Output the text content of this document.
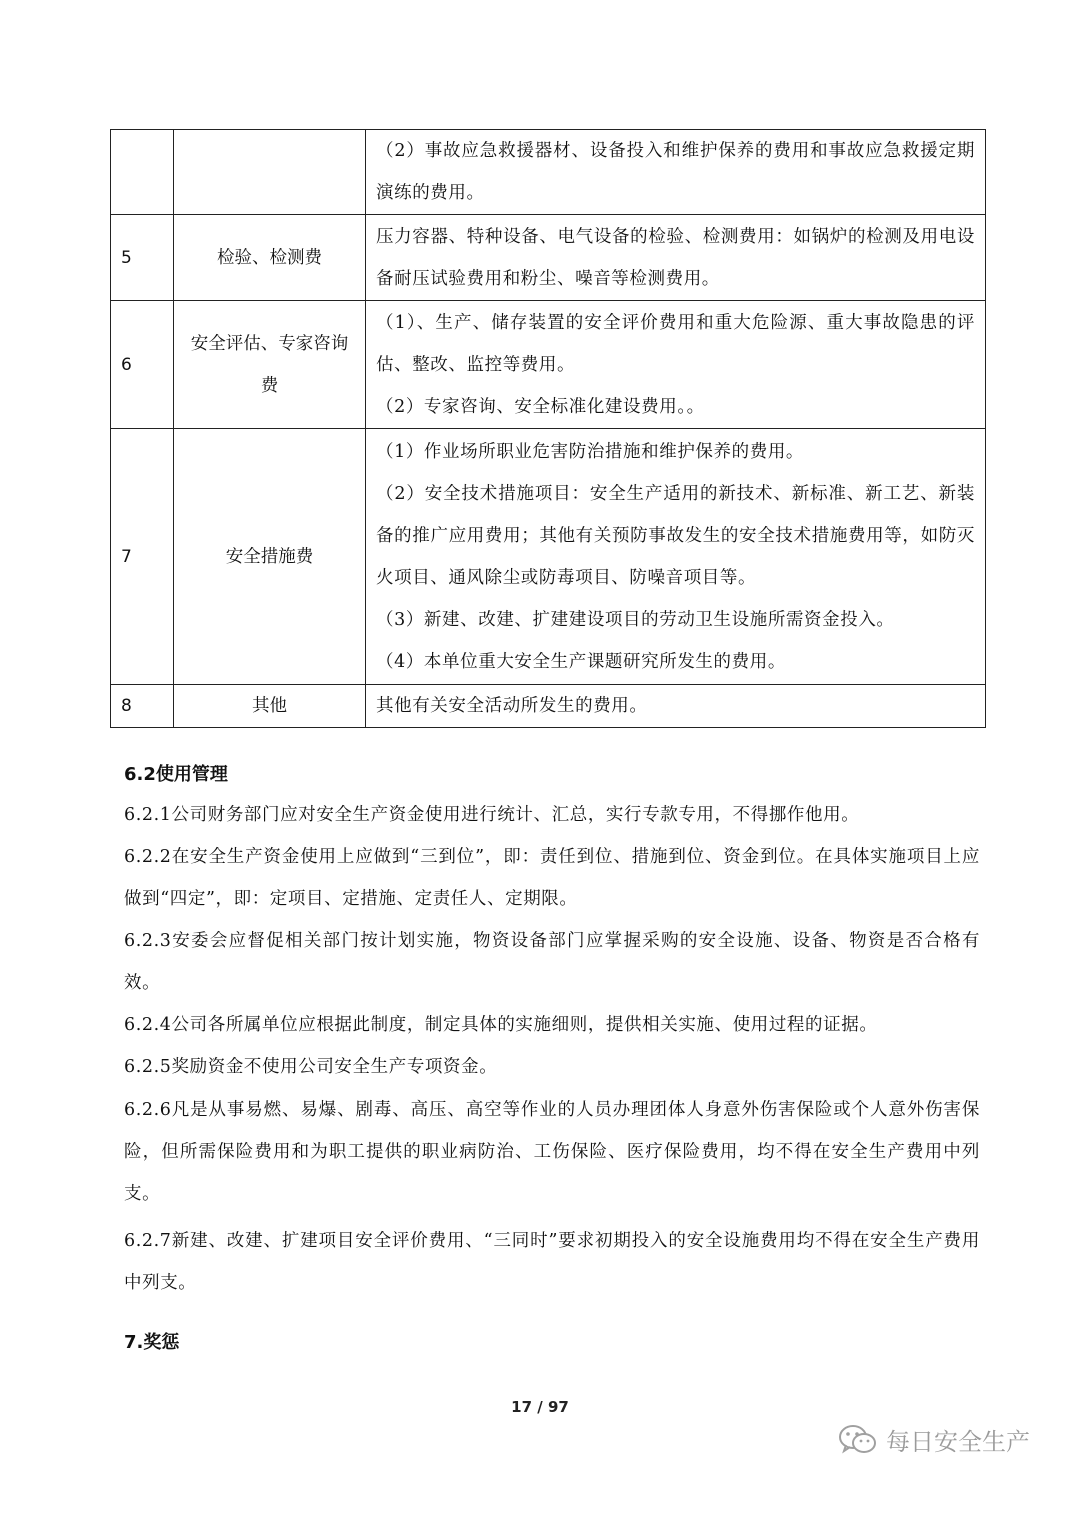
		（2）事故应急救援器材、设备投入和维护保养的费用和事故应急救援定期演练的费用。

5	检验、检测费	压力容器、特种设备、电气设备的检验、检测费用：如锅炉的检测及用电设备耐压试验费用和粉尘、噪音等检测费用。

6	安全评估、专家咨询费	（1）、生产、储存装置的安全评价费用和重大危险源、重大事故隐患的评估、整改、监控等费用。

（2）专家咨询、安全标准化建设费用。。

7	安全措施费	（1）作业场所职业危害防治措施和维护保养的费用。

（2）安全技术措施项目：安全生产适用的新技术、新标准、新工艺、新装备的推广应用费用；其他有关预防事故发生的安全技术措施费用等，如防灭火项目、通风除尘或防毒项目、防噪音项目等。

（3）新建、改建、扩建建设项目的劳动卫生设施所需资金投入。

（4）本单位重大安全生产课题研究所发生的费用。

8	其他	其他有关安全活动所发生的费用。

6.2使用管理

6.2.1公司财务部门应对安全生产资金使用进行统计、汇总，实行专款专用，不得挪作他用。

6.2.2在安全生产资金使用上应做到“三到位”，即：责任到位、措施到位、资金到位。在具体实施项目上应做到“四定”，即：定项目、定措施、定责任人、定期限。

6.2.3安委会应督促相关部门按计划实施，物资设备部门应掌握采购的安全设施、设备、物资是否合格有效。

6.2.4公司各所属单位应根据此制度，制定具体的实施细则，提供相关实施、使用过程的证据。

6.2.5奖励资金不使用公司安全生产专项资金。

6.2.6凡是从事易燃、易爆、剧毒、高压、高空等作业的人员办理团体人身意外伤害保险或个人意外伤害保险，但所需保险费用和为职工提供的职业病防治、工伤保险、医疗保险费用，均不得在安全生产费用中列支。

6.2.7新建、改建、扩建项目安全评价费用、“三同时”要求初期投入的安全设施费用均不得在安全生产费用中列支。

7.奖惩
17 / 97
每日安全生产
